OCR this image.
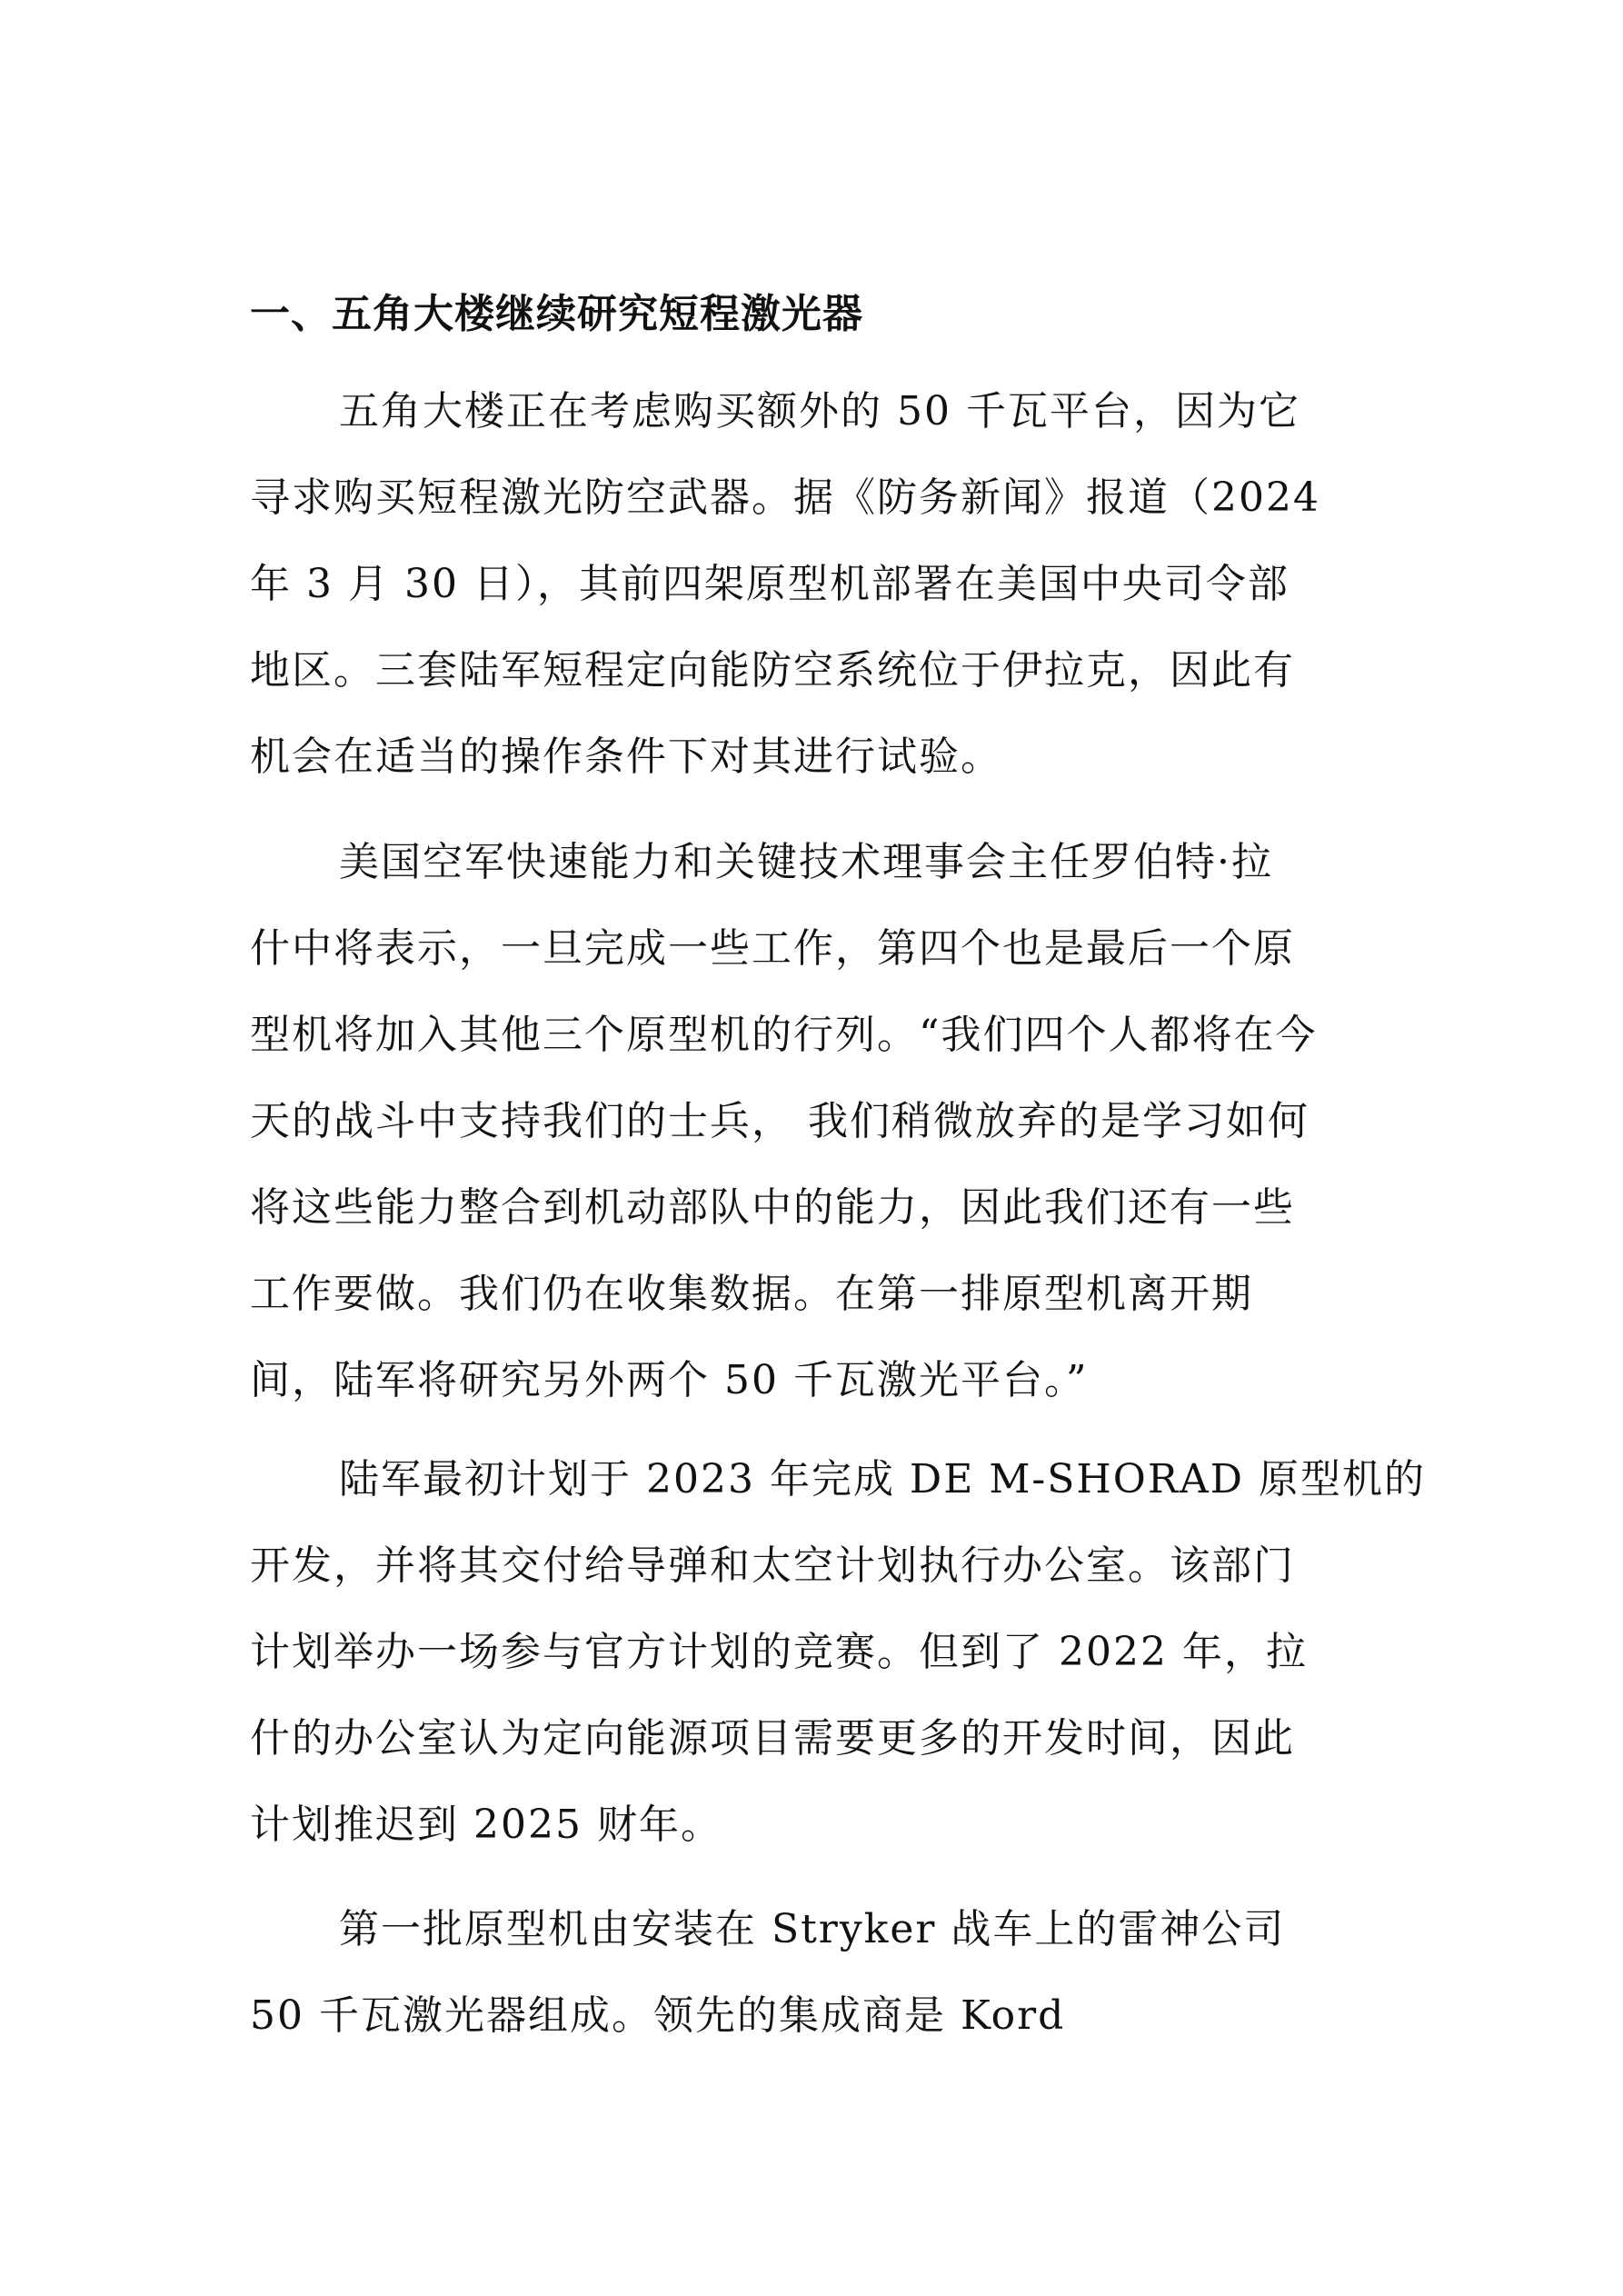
一、五角大楼继续研究短程激光器

五角大楼正在考虑购买额外的 50 千瓦平台，因为它
寻求购买短程激光防空武器。据《防务新闻》报道（2024
年 3 月 30 日），其前四架原型机部署在美国中央司令部
地区。三套陆军短程定向能防空系统位于伊拉克，因此有
机会在适当的操作条件下对其进行试验。

美国空军快速能力和关键技术理事会主任罗伯特·拉
什中将表示，一旦完成一些工作，第四个也是最后一个原
型机将加入其他三个原型机的行列。“我们四个人都将在今
天的战斗中支持我们的士兵， 我们稍微放弃的是学习如何
将这些能力整合到机动部队中的能力，因此我们还有一些
工作要做。我们仍在收集数据。在第一排原型机离开期
间，陆军将研究另外两个 50 千瓦激光平台。”

陆军最初计划于 2023 年完成 DE M-SHORAD 原型机的
开发，并将其交付给导弹和太空计划执行办公室。该部门
计划举办一场参与官方计划的竞赛。但到了 2022 年，拉
什的办公室认为定向能源项目需要更多的开发时间，因此
计划推迟到 2025 财年。

第一批原型机由安装在 Stryker 战车上的雷神公司
50 千瓦激光器组成。领先的集成商是 Kord
